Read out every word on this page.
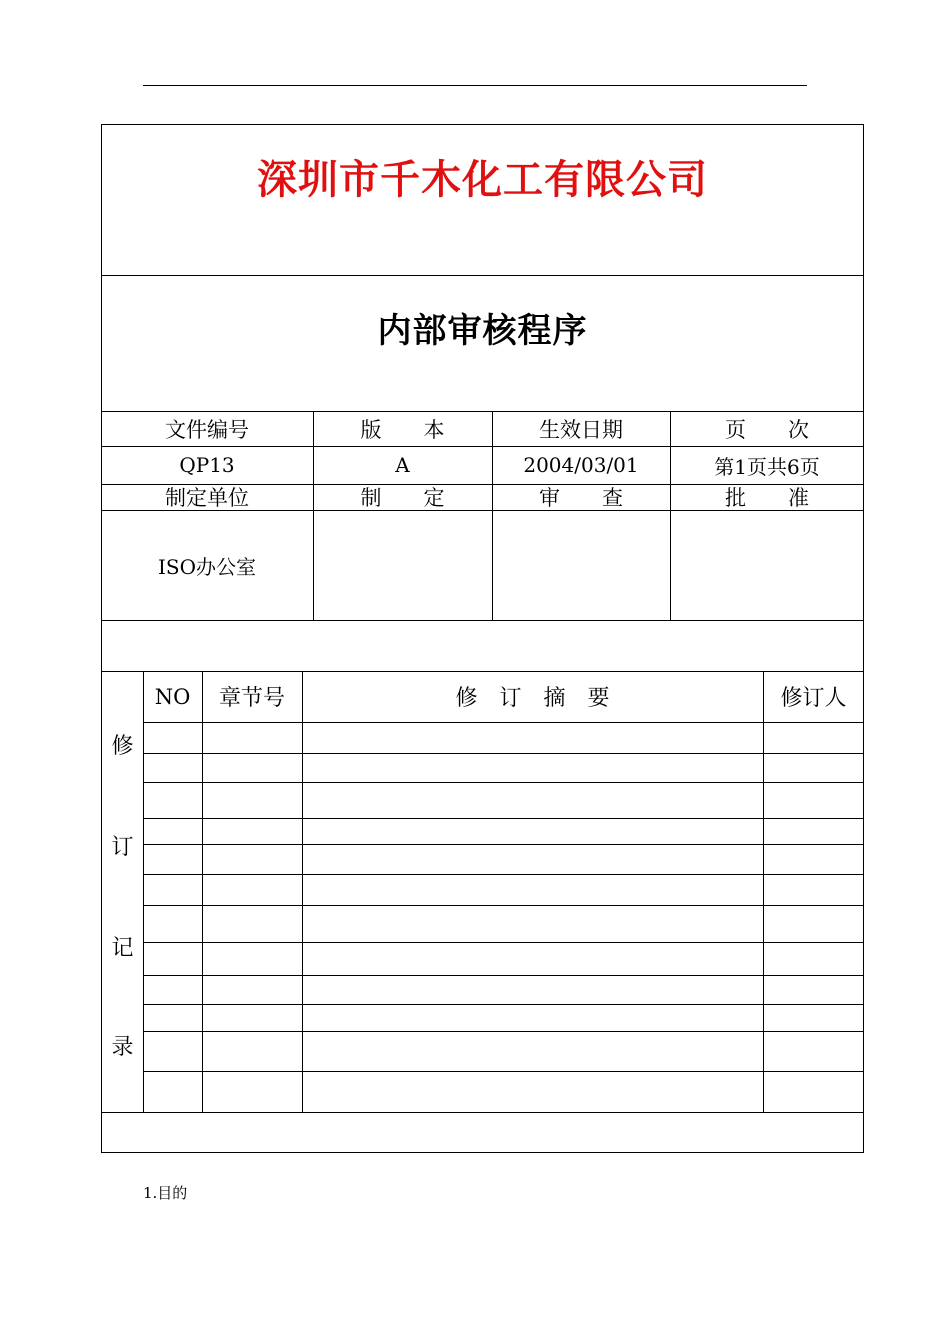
深圳市千木化工有限公司
内部审核程序
文件编号	版　　本	生效日期	页　　次
QP13	A	2004/03/01	第1页共6页
制定单位	制　　定	审　　查	批　　准
ISO办公室
NO	章节号	修　订　摘　要	修订人
修
订
记
录
1.目的
